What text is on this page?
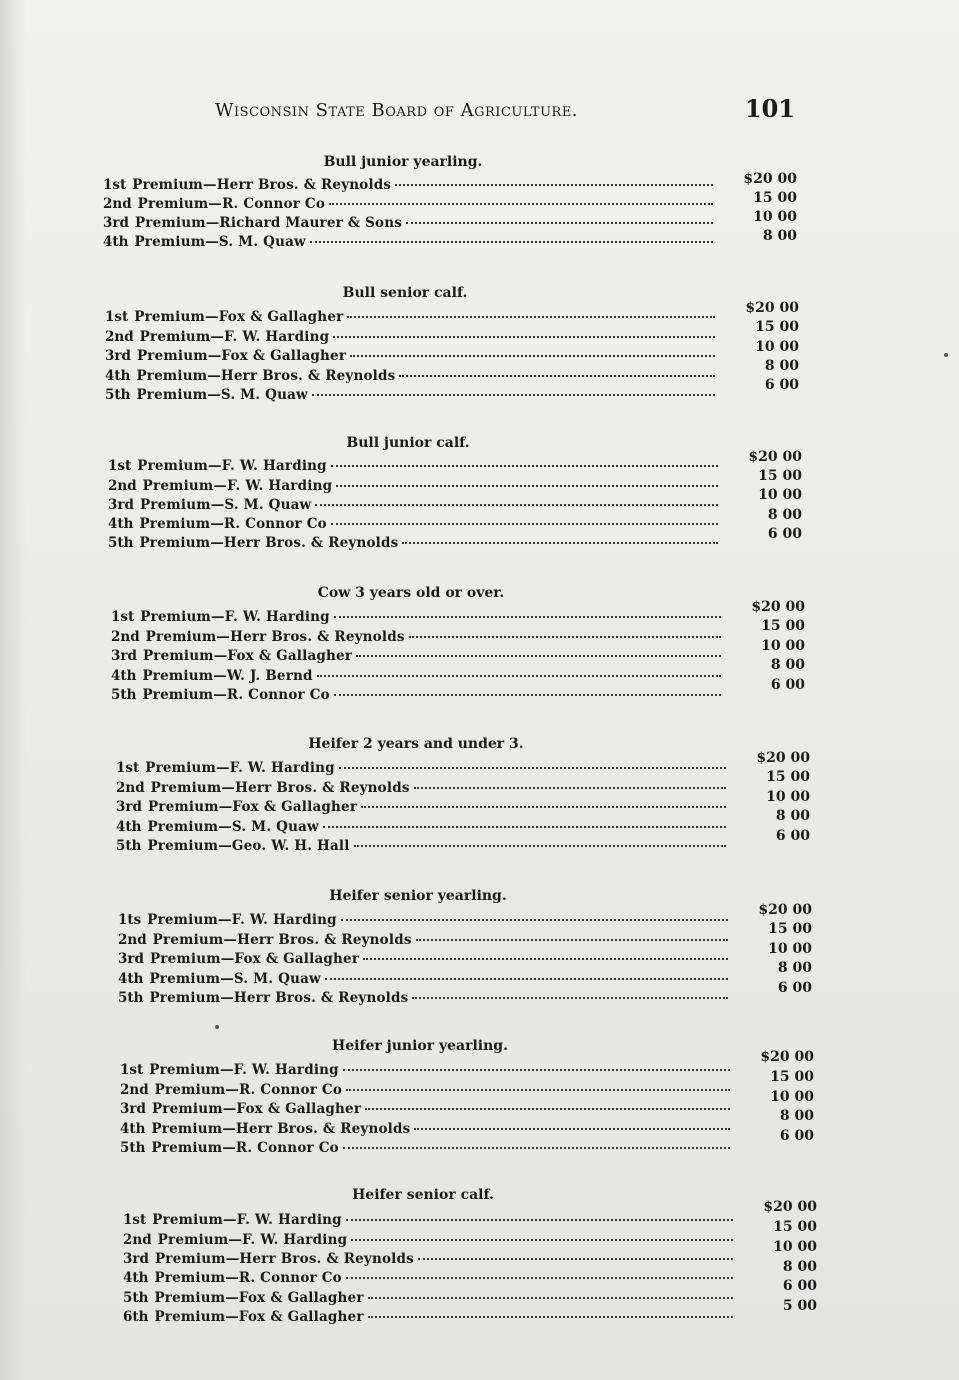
Wisconsin State Board of Agriculture.	101
Bull junior yearling.
1st Premium—Herr Bros. & Reynolds
2nd Premium—R. Connor Co
3rd Premium—Richard Maurer & Sons
4th Premium—S. M. Quaw
$20 00
15 00
10 00
8 00
Bull senior calf.
1st Premium—Fox & Gallagher
2nd Premium—F. W. Harding
3rd Premium—Fox & Gallagher
4th Premium—Herr Bros. & Reynolds
5th Premium—S. M. Quaw
$20 00
15 00
10 00
8 00
6 00
Bull junior calf.
1st Premium—F. W. Harding
2nd Premium—F. W. Harding
3rd Premium—S. M. Quaw
4th Premium—R. Connor Co
5th Premium—Herr Bros. & Reynolds
$20 00
15 00
10 00
8 00
6 00
Cow 3 years old or over.
1st Premium—F. W. Harding
2nd Premium—Herr Bros. & Reynolds
3rd Premium—Fox & Gallagher
4th Premium—W. J. Bernd
5th Premium—R. Connor Co
$20 00
15 00
10 00
8 00
6 00
Heifer 2 years and under 3.
1st Premium—F. W. Harding
2nd Premium—Herr Bros. & Reynolds
3rd Premium—Fox & Gallagher
4th Premium—S. M. Quaw
5th Premium—Geo. W. H. Hall
$20 00
15 00
10 00
8 00
6 00
Heifer senior yearling.
1ts Premium—F. W. Harding
2nd Premium—Herr Bros. & Reynolds
3rd Premium—Fox & Gallagher
4th Premium—S. M. Quaw
5th Premium—Herr Bros. & Reynolds
$20 00
15 00
10 00
8 00
6 00
Heifer junior yearling.
1st Premium—F. W. Harding
2nd Premium—R. Connor Co
3rd Premium—Fox & Gallagher
4th Premium—Herr Bros. & Reynolds
5th Premium—R. Connor Co
$20 00
15 00
10 00
8 00
6 00
Heifer senior calf.
1st Premium—F. W. Harding
2nd Premium—F. W. Harding
3rd Premium—Herr Bros. & Reynolds
4th Premium—R. Connor Co
5th Premium—Fox & Gallagher
6th Premium—Fox & Gallagher
$20 00
15 00
10 00
8 00
6 00
5 00
